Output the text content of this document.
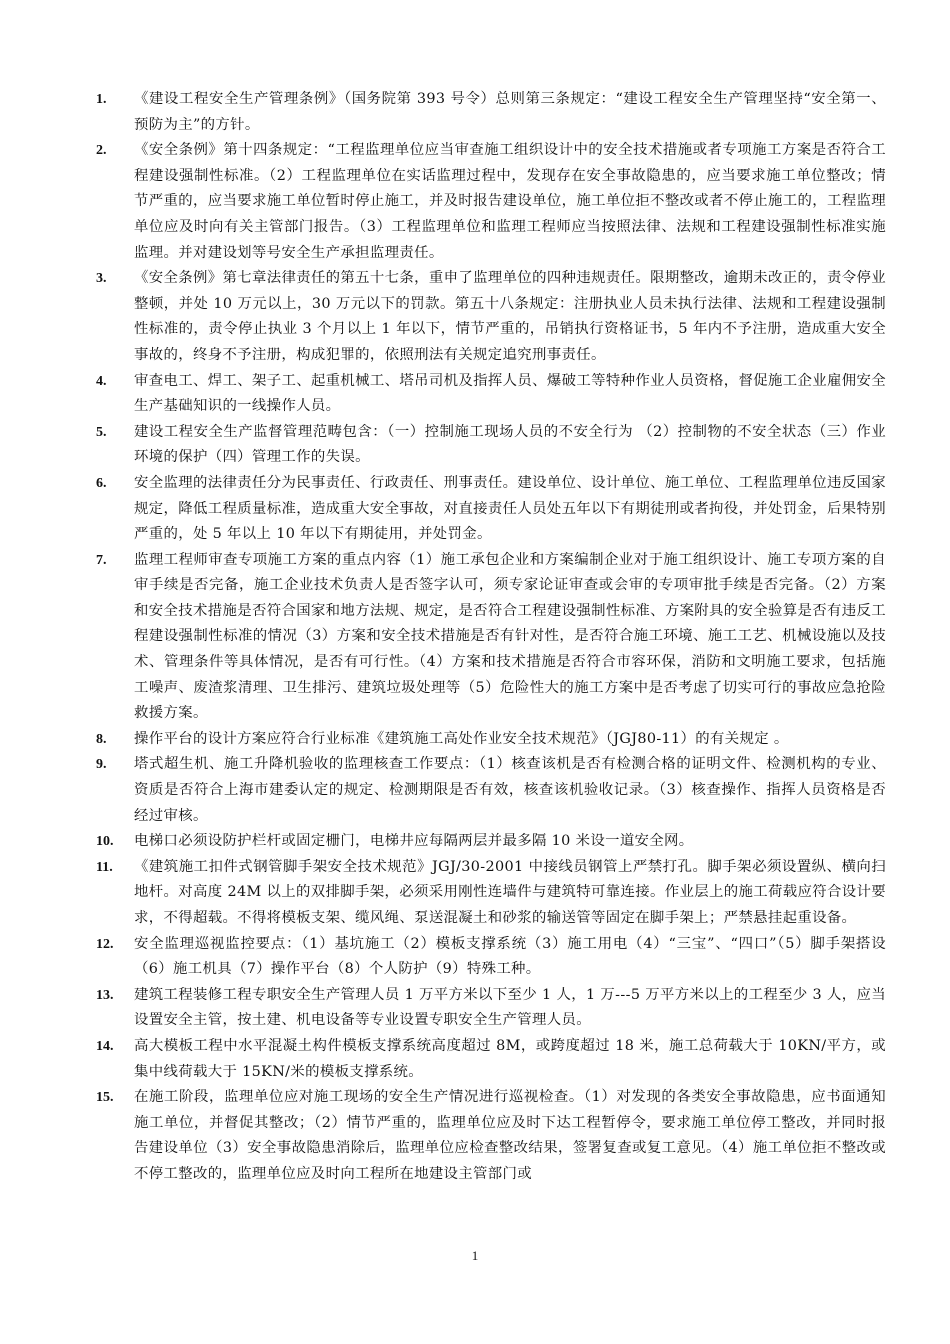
1.	《建设工程安全生产管理条例》（国务院第 393 号令）总则第三条规定：“建设工程安全生产管理坚持“安全第一、预防为主”的方针。
2.	《安全条例》第十四条规定：“工程监理单位应当审查施工组织设计中的安全技术措施或者专项施工方案是否符合工程建设强制性标准。（2）工程监理单位在实话监理过程中，发现存在安全事故隐患的，应当要求施工单位整改；情节严重的，应当要求施工单位暂时停止施工，并及时报告建设单位，施工单位拒不整改或者不停止施工的，工程监理单位应及时向有关主管部门报告。（3）工程监理单位和监理工程师应当按照法律、法规和工程建设强制性标准实施监理。并对建设划等号安全生产承担监理责任。
3.	《安全条例》第七章法律责任的第五十七条，重申了监理单位的四种违规责任。限期整改，逾期未改正的，责令停业整顿，并处 10 万元以上，30 万元以下的罚款。第五十八条规定：注册执业人员未执行法律、法规和工程建设强制性标准的，责令停止执业 3 个月以上 1 年以下，情节严重的，吊销执行资格证书，5 年内不予注册，造成重大安全事故的，终身不予注册，构成犯罪的，依照刑法有关规定追究刑事责任。
4.	审查电工、焊工、架子工、起重机械工、塔吊司机及指挥人员、爆破工等特种作业人员资格，督促施工企业雇佣安全生产基础知识的一线操作人员。
5.	建设工程安全生产监督管理范畴包含：（一）控制施工现场人员的不安全行为 （2）控制物的不安全状态（三）作业环境的保护（四）管理工作的失误。
6.	安全监理的法律责任分为民事责任、行政责任、刑事责任。建设单位、设计单位、施工单位、工程监理单位违反国家规定，降低工程质量标准，造成重大安全事故，对直接责任人员处五年以下有期徒刑或者拘役，并处罚金，后果特别严重的，处 5 年以上 10 年以下有期徒用，并处罚金。
7.	监理工程师审查专项施工方案的重点内容（1）施工承包企业和方案编制企业对于施工组织设计、施工专项方案的自审手续是否完备，施工企业技术负责人是否签字认可，须专家论证审查或会审的专项审批手续是否完备。（2）方案和安全技术措施是否符合国家和地方法规、规定，是否符合工程建设强制性标准、方案附具的安全验算是否有违反工程建设强制性标准的情况（3）方案和安全技术措施是否有针对性，是否符合施工环境、施工工艺、机械设施以及技术、管理条件等具体情况，是否有可行性。（4）方案和技术措施是否符合市容环保，消防和文明施工要求，包括施工噪声、废渣浆清理、卫生排污、建筑垃圾处理等（5）危险性大的施工方案中是否考虑了切实可行的事故应急抢险救援方案。
8.	操作平台的设计方案应符合行业标准《建筑施工高处作业安全技术规范》（JGJ80-11）的有关规定 。
9.	塔式超生机、施工升降机验收的监理核查工作要点：（1）核查该机是否有检测合格的证明文件、检测机构的专业、资质是否符合上海市建委认定的规定、检测期限是否有效，核查该机验收记录。（3）核查操作、指挥人员资格是否经过审核。
10.	电梯口必须设防护栏杆或固定栅门，电梯井应每隔两层并最多隔 10 米设一道安全网。
11.	《建筑施工扣件式钢管脚手架安全技术规范》JGJ/30-2001 中接线员钢管上严禁打孔。脚手架必须设置纵、横向扫地杆。对高度 24M 以上的双排脚手架，必须采用刚性连墙件与建筑特可靠连接。作业层上的施工荷载应符合设计要求，不得超载。不得将模板支架、缆风绳、泵送混凝土和砂浆的输送管等固定在脚手架上；严禁悬挂起重设备。
12.	安全监理巡视监控要点：（1）基坑施工（2）模板支撑系统（3）施工用电（4）“三宝”、“四口”（5）脚手架搭设（6）施工机具（7）操作平台（8）个人防护（9）特殊工种。
13.	建筑工程装修工程专职安全生产管理人员 1 万平方米以下至少 1 人，1 万---5 万平方米以上的工程至少 3 人，应当设置安全主管，按土建、机电设备等专业设置专职安全生产管理人员。
14.	高大模板工程中水平混凝土构件模板支撑系统高度超过 8M，或跨度超过 18 米，施工总荷载大于 10KN/平方，或集中线荷载大于 15KN/米的模板支撑系统。
15.	在施工阶段，监理单位应对施工现场的安全生产情况进行巡视检查。（1）对发现的各类安全事故隐患，应书面通知施工单位，并督促其整改；（2）情节严重的，监理单位应及时下达工程暂停令，要求施工单位停工整改，并同时报告建设单位（3）安全事故隐患消除后，监理单位应检查整改结果，签署复查或复工意见。（4）施工单位拒不整改或不停工整改的，监理单位应及时向工程所在地建设主管部门或
1
